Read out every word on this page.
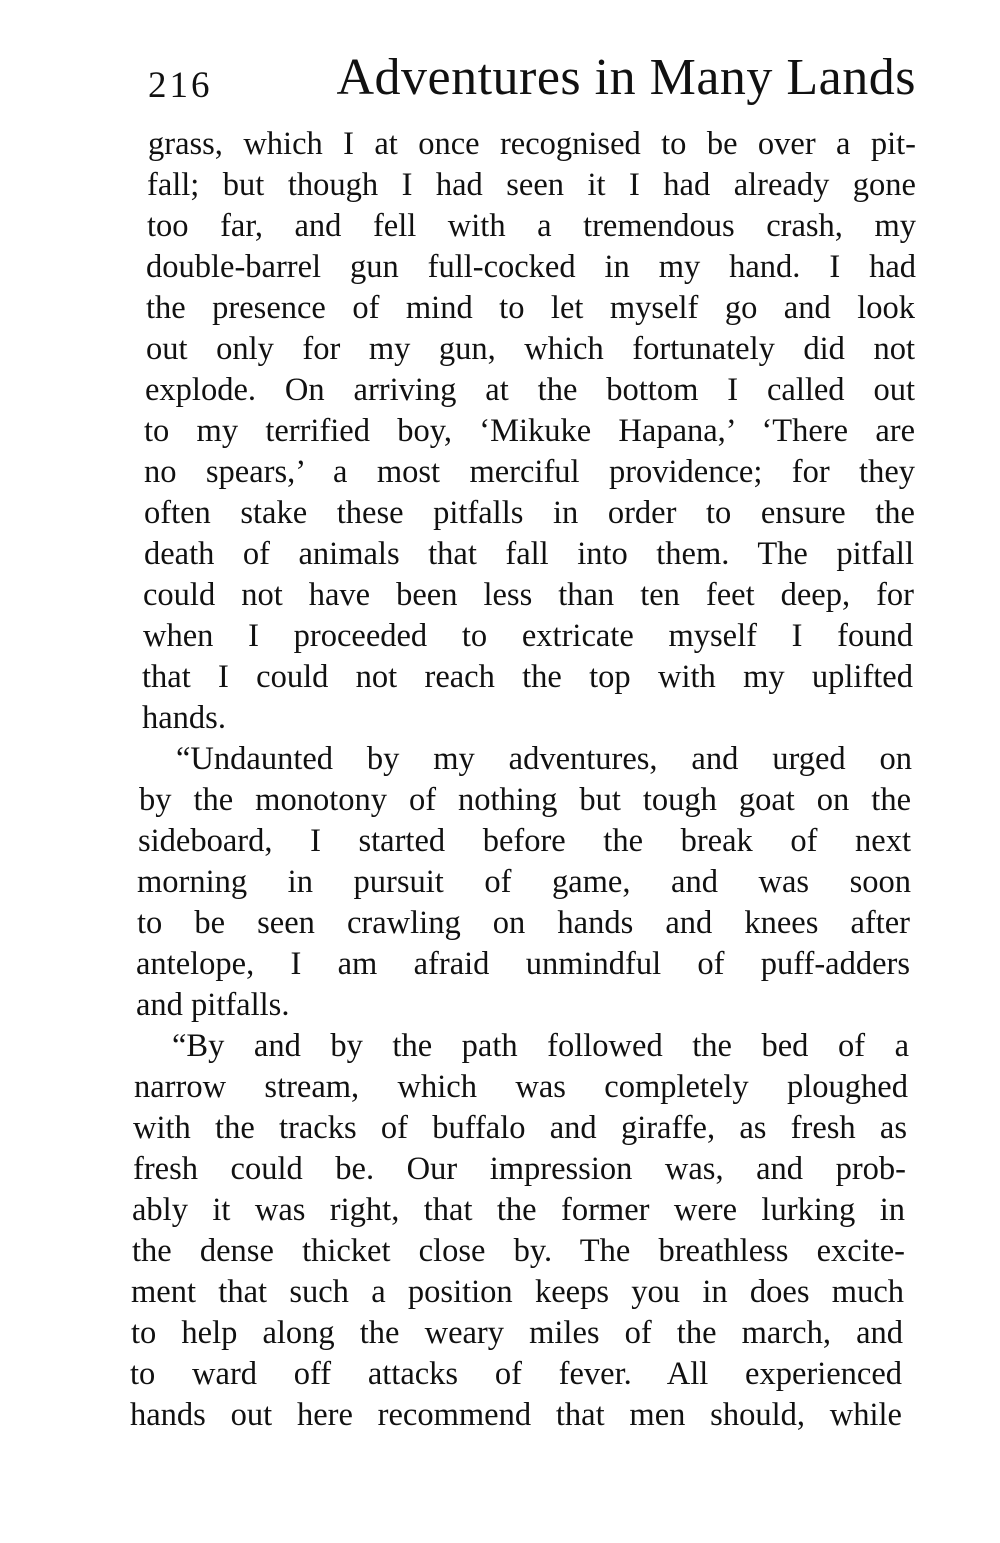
216 Adventures in Many Lands
grass, which I at once recognised to be over a pit-
fall; but though I had seen it I had already gone
too far, and fell with a tremendous crash, my
double-barrel gun full-cocked in my hand. I had
the presence of mind to let myself go and look
out only for my gun, which fortunately did not
explode. On arriving at the bottom I called out
to my terrified boy, ‘Mikuke Hapana,’ ‘There are
no spears,’ a most merciful providence; for they
often stake these pitfalls in order to ensure the
death of animals that fall into them. The pitfall
could not have been less than ten feet deep, for
when I proceeded to extricate myself I found
that I could not reach the top with my uplifted
hands.
“Undaunted by my adventures, and urged on
by the monotony of nothing but tough goat on the
sideboard, I started before the break of next
morning in pursuit of game, and was soon
to be seen crawling on hands and knees after
antelope, I am afraid unmindful of puff-adders
and pitfalls.
“By and by the path followed the bed of a
narrow stream, which was completely ploughed
with the tracks of buffalo and giraffe, as fresh as
fresh could be. Our impression was, and prob-
ably it was right, that the former were lurking in
the dense thicket close by. The breathless excite-
ment that such a position keeps you in does much
to help along the weary miles of the march, and
to ward off attacks of fever. All experienced
hands out here recommend that men should, while
